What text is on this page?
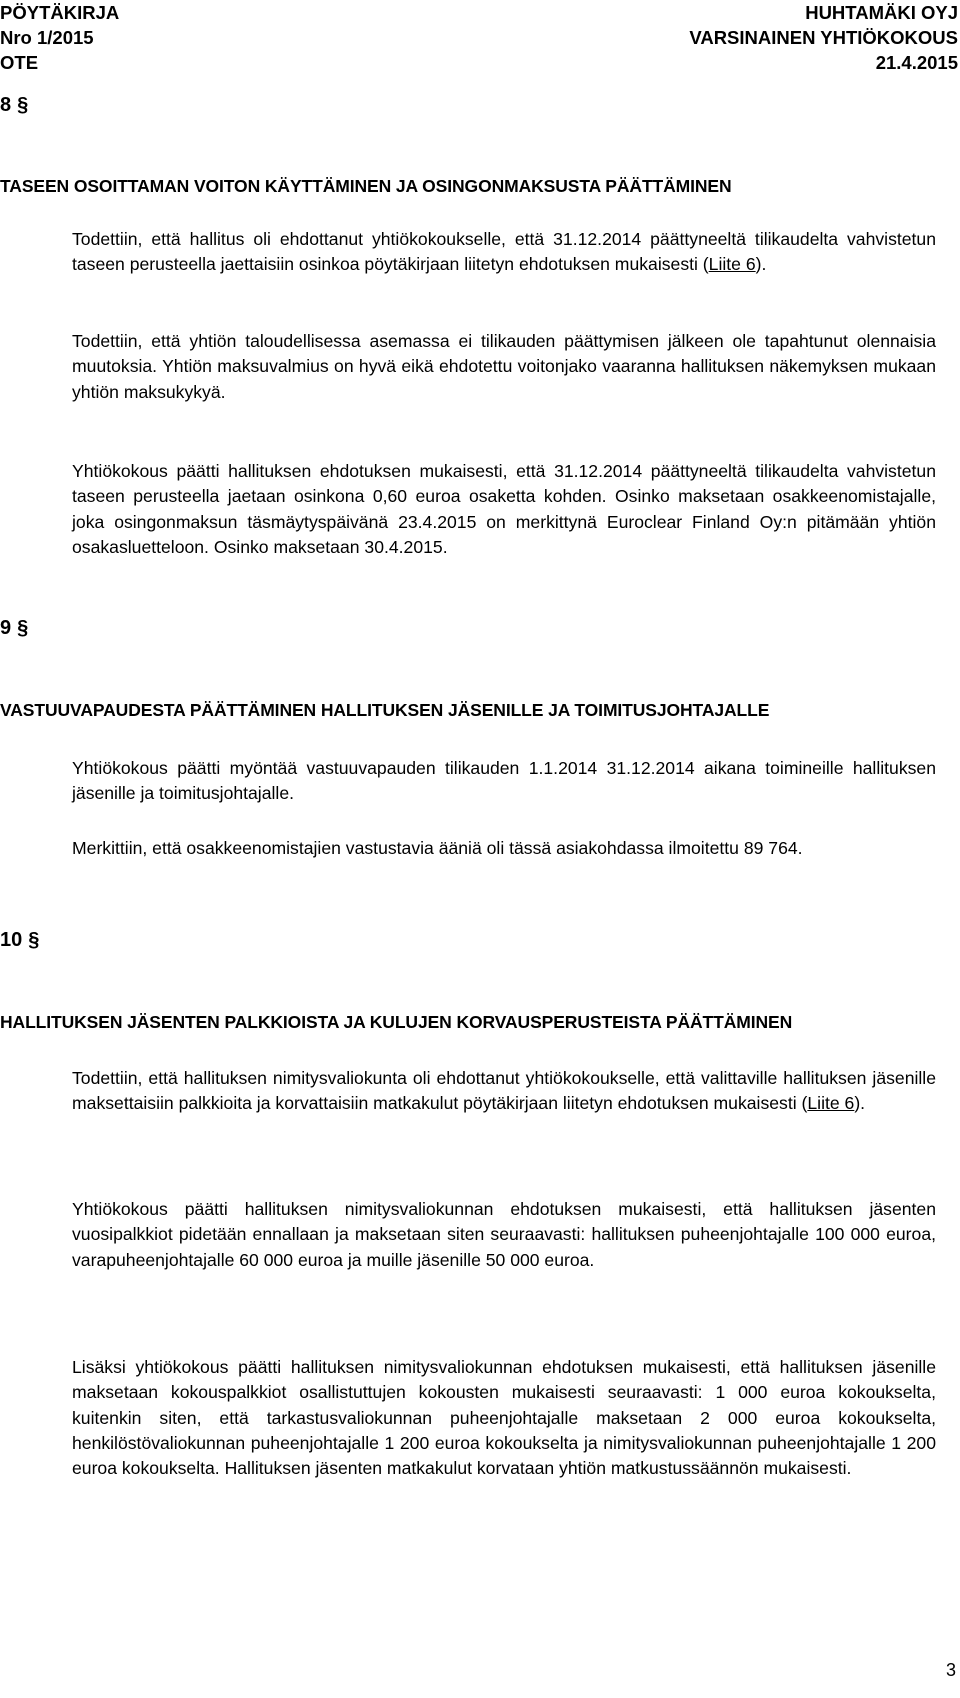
PÖYTÄKIRJA
Nro 1/2015
OTE
HUHTAMÄKI OYJ
VARSINAINEN YHTIÖKOKOUS
21.4.2015
8 §
TASEEN OSOITTAMAN VOITON KÄYTTÄMINEN JA OSINGONMAKSUSTA PÄÄTTÄMINEN
Todettiin, että hallitus oli ehdottanut yhtiökokoukselle, että 31.12.2014 päättyneeltä tilikaudelta vahvistetun taseen perusteella jaettaisiin osinkoa pöytäkirjaan liitetyn ehdotuksen mukaisesti (Liite 6).
Todettiin, että yhtiön taloudellisessa asemassa ei tilikauden päättymisen jälkeen ole tapahtunut olennaisia muutoksia. Yhtiön maksuvalmius on hyvä eikä ehdotettu voitonjako vaaranna hallituksen näkemyksen mukaan yhtiön maksukykyä.
Yhtiökokous päätti hallituksen ehdotuksen mukaisesti, että 31.12.2014 päättyneeltä tilikaudelta vahvistetun taseen perusteella jaetaan osinkona 0,60 euroa osaketta kohden. Osinko maksetaan osakkeenomistajalle, joka osingonmaksun täsmäytyspäivänä 23.4.2015 on merkittynä Euroclear Finland Oy:n pitämään yhtiön osakasluetteloon. Osinko maksetaan 30.4.2015.
9 §
VASTUUVAPAUDESTA PÄÄTTÄMINEN HALLITUKSEN JÄSENILLE JA TOIMITUSJOHTAJALLE
Yhtiökokous päätti myöntää vastuuvapauden tilikauden 1.1.2014 31.12.2014 aikana toimineille hallituksen jäsenille ja toimitusjohtajalle.
Merkittiin, että osakkeenomistajien vastustavia ääniä oli tässä asiakohdassa ilmoitettu 89 764.
10 §
HALLITUKSEN JÄSENTEN PALKKIOISTA JA KULUJEN KORVAUSPERUSTEISTA PÄÄTTÄMINEN
Todettiin, että hallituksen nimitysvaliokunta oli ehdottanut yhtiökokoukselle, että valittaville hallituksen jäsenille maksettaisiin palkkioita ja korvattaisiin matkakulut pöytäkirjaan liitetyn ehdotuksen mukaisesti (Liite 6).
Yhtiökokous päätti hallituksen nimitysvaliokunnan ehdotuksen mukaisesti, että hallituksen jäsenten vuosipalkkiot pidetään ennallaan ja maksetaan siten seuraavasti: hallituksen puheenjohtajalle 100 000 euroa, varapuheenjohtajalle 60 000 euroa ja muille jäsenille 50 000 euroa.
Lisäksi yhtiökokous päätti hallituksen nimitysvaliokunnan ehdotuksen mukaisesti, että hallituksen jäsenille maksetaan kokouspalkkiot osallistuttujen kokousten mukaisesti seuraavasti: 1 000 euroa kokoukselta, kuitenkin siten, että tarkastusvaliokunnan puheenjohtajalle maksetaan 2 000 euroa kokoukselta, henkilöstövaliokunnan puheenjohtajalle 1 200 euroa kokoukselta ja nimitysvaliokunnan puheenjohtajalle 1 200 euroa kokoukselta. Hallituksen jäsenten matkakulut korvataan yhtiön matkustussäännön mukaisesti.
3
